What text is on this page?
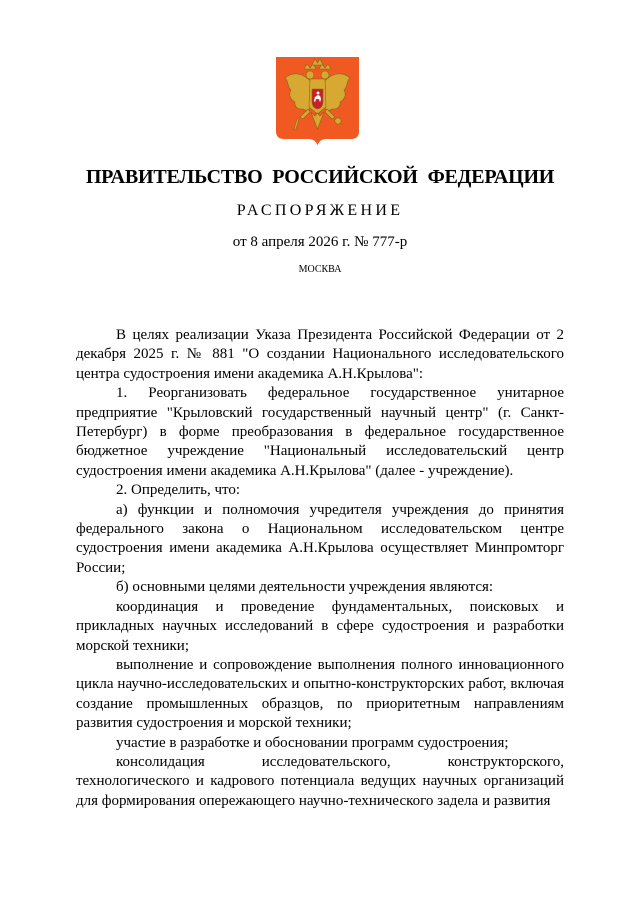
ПРАВИТЕЛЬСТВО РОССИЙСКОЙ ФЕДЕРАЦИИ
РАСПОРЯЖЕНИЕ
от 8 апреля 2026 г. № 777-р
МОСКВА

В целях реализации Указа Президента Российской Федерации от 2 декабря 2025 г. № 881 "О создании Национального исследовательского центра судостроения имени академика А.Н.Крылова":

1. Реорганизовать федеральное государственное унитарное предприятие "Крыловский государственный научный центр" (г. Санкт-Петербург) в форме преобразования в федеральное государственное бюджетное учреждение "Национальный исследовательский центр судостроения имени академика А.Н.Крылова" (далее - учреждение).

2. Определить, что:

а) функции и полномочия учредителя учреждения до принятия федерального закона о Национальном исследовательском центре судостроения имени академика А.Н.Крылова осуществляет Минпромторг России;

б) основными целями деятельности учреждения являются:

координация и проведение фундаментальных, поисковых и прикладных научных исследований в сфере судостроения и разработки морской техники;

выполнение и сопровождение выполнения полного инновационного цикла научно-исследовательских и опытно-конструкторских работ, включая создание промышленных образцов, по приоритетным направлениям развития судостроения и морской техники;

участие в разработке и обосновании программ судостроения;

консолидация исследовательского, конструкторского, технологического и кадрового потенциала ведущих научных организаций для формирования опережающего научно-технического задела и развития
